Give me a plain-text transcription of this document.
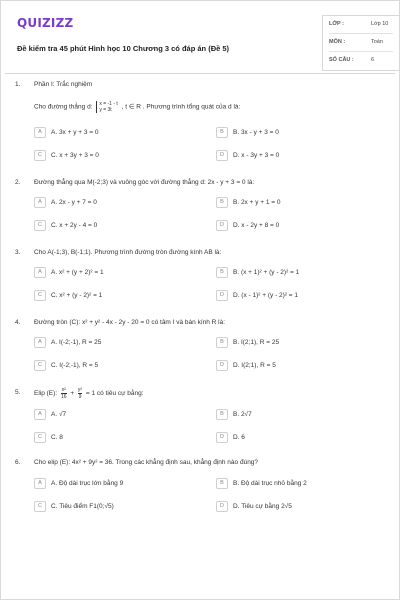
QUIZIZZ
Đề kiểm tra 45 phút Hình học 10 Chương 3 có đáp án (Đề 5)
LỚP :	Lớp 10
MÔN :	Toán
SỐ CÂU :	6
1. Phần I: Trắc nghiệm
Cho đường thẳng d: x = -1 - t
y = 3t	, t ∈ R . Phương trình tổng quát của d là:
A A. 3x + y + 3 = 0	B B. 3x - y + 3 = 0
C C. x + 3y + 3 = 0	D D. x - 3y + 3 = 0
2. Đường thẳng qua M(-2;3) và vuông góc với đường thẳng d: 2x - y + 3 = 0 là:
A A. 2x - y + 7 = 0	B B. 2x + y + 1 = 0
C C. x + 2y - 4 = 0	D D. x - 2y + 8 = 0
3. Cho A(-1;3), B(-1;1). Phương trình đường tròn đường kính AB là:
A A. x² + (y + 2)² = 1	B B. (x + 1)² + (y - 2)² = 1
C C. x² + (y - 2)² = 1	D D. (x - 1)² + (y - 2)² = 1
4. Đường tròn (C): x² + y² - 4x - 2y - 20 = 0 có tâm I và bán kính R là:
A A. I(-2;-1), R = 25	B B. I(2;1), R = 25
C C. I(-2;-1), R = 5	D D. I(2;1), R = 5
5. Elip (E): $\frac{\text{x²}}{16} + \frac{\text{y²}}{9} = 1$ có tiêu cự bằng:
A A. √7	B B. 2√7
C C. 8	D D. 6
6. Cho elip (E): 4x² + 9y² = 36. Trong các khẳng định sau, khẳng định nào đúng?
A A. Độ dài trục lớn bằng 9	B B. Độ dài trục nhỏ bằng 2
C C. Tiêu điểm F1(0;√5)	D D. Tiêu cự bằng 2√5
